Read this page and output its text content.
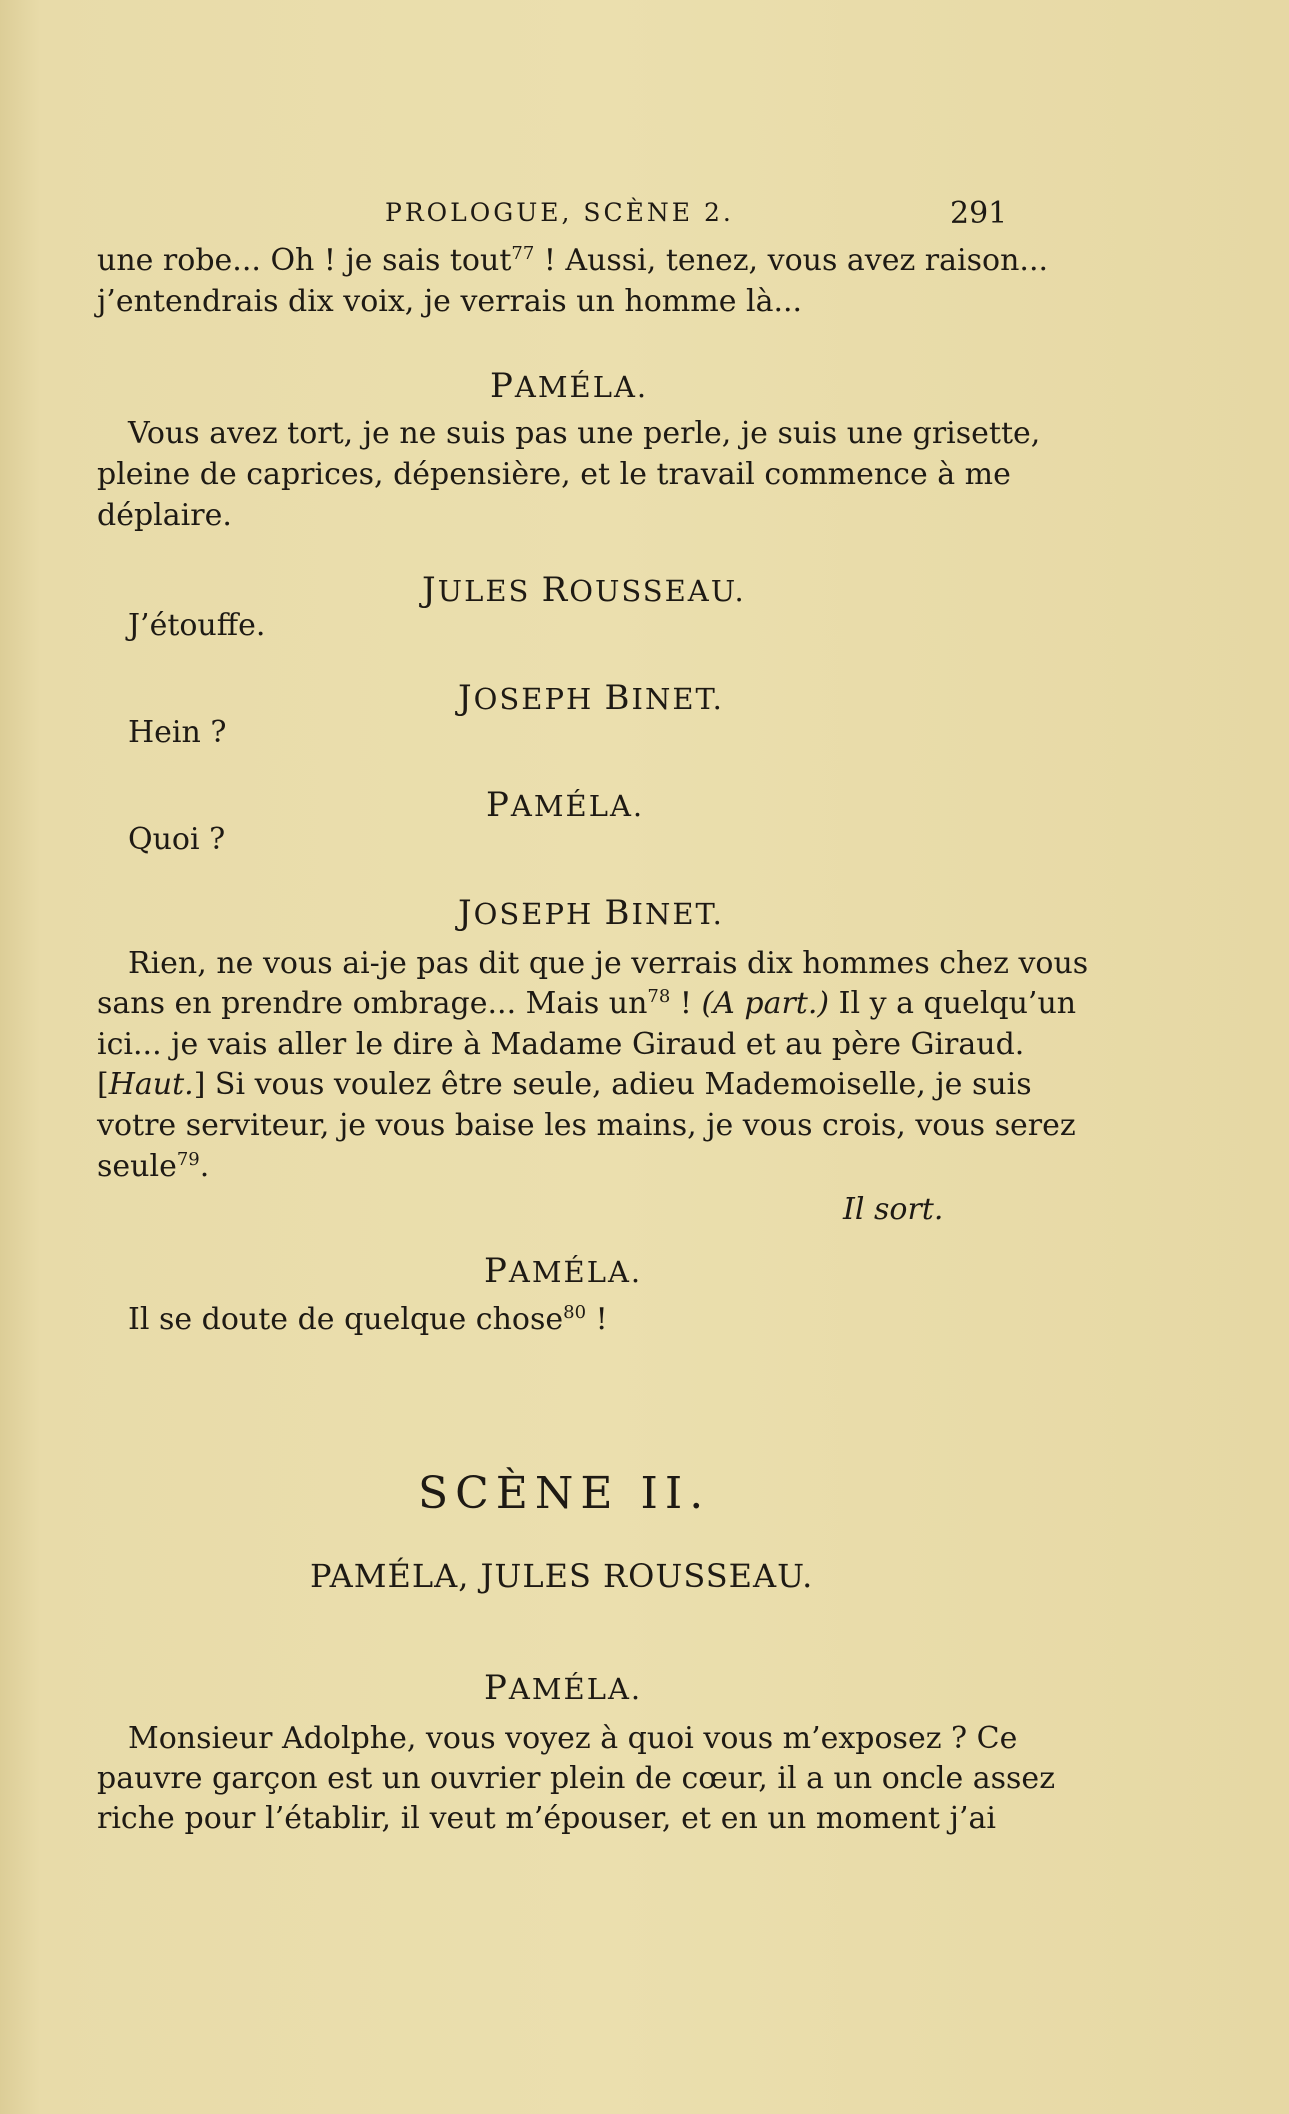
PROLOGUE, SCÈNE 2.	291
une robe... Oh ! je sais tout$^{77}$ ! Aussi, tenez, vous avez raison...
j’entendrais dix voix, je verrais un homme là...
PAMÉLA.
Vous avez tort, je ne suis pas une perle, je suis une grisette,
pleine de caprices, dépensière, et le travail commence à me
déplaire.
JULES ROUSSEAU.
J’étouffe.
JOSEPH BINET.
Hein ?
PAMÉLA.
Quoi ?
JOSEPH BINET.
Rien, ne vous ai-je pas dit que je verrais dix hommes chez vous
sans en prendre ombrage... Mais $un^{78}$ ! (A part.) Il y a quelqu’un
ici... je vais aller le dire à Madame Giraud et au père Giraud.
[Haut.] Si vous voulez être seule, adieu Mademoiselle, je suis
votre serviteur, je vous baise les mains, je vous crois, vous serez
seule$^{79}$.
Il sort.
PAMÉLA.
Il se doute de quelque chose$^{80}$ !
SCÈNE II.
PAMÉLA, JULES ROUSSEAU.
PAMÉLA.
Monsieur Adolphe, vous voyez à quoi vous m’exposez ? Ce
pauvre garçon est un ouvrier plein de cœur, il a un oncle assez
riche pour l’établir, il veut m’épouser, et en un moment j’ai
